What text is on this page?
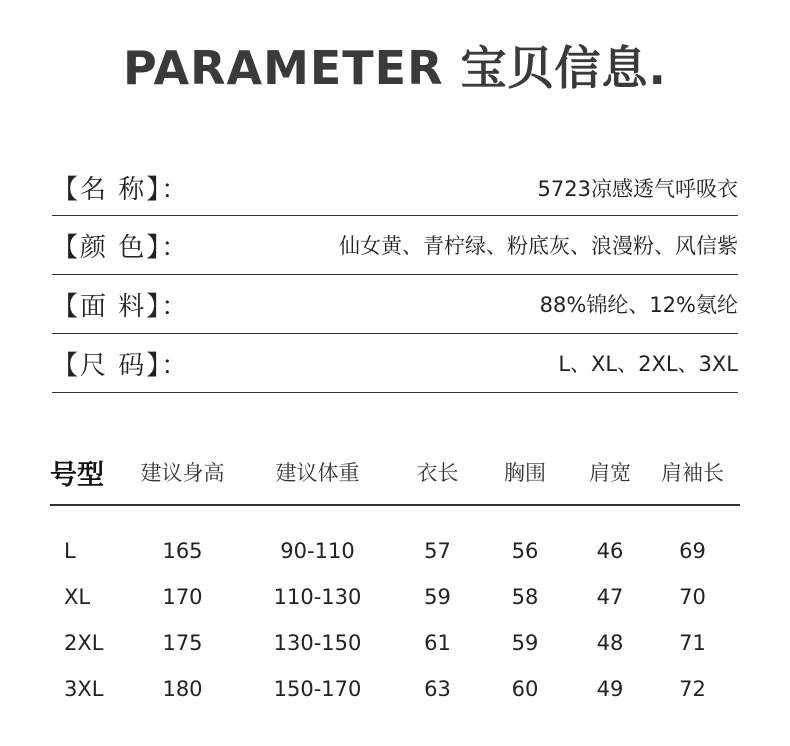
PARAMETER 宝贝信息.
【名 称】：	5723凉感透气呼吸衣
【颜 色】：	仙女黄、青柠绿、粉底灰、浪漫粉、风信紫
【面 料】：	88%锦纶、12%氨纶
【尺 码】：	L、XL、2XL、3XL
号型	建议身高	建议体重	衣长	胸围	肩宽	肩袖长
L	165	90-110	57	56	46	69
XL	170	110-130	59	58	47	70
2XL	175	130-150	61	59	48	71
3XL	180	150-170	63	60	49	72
